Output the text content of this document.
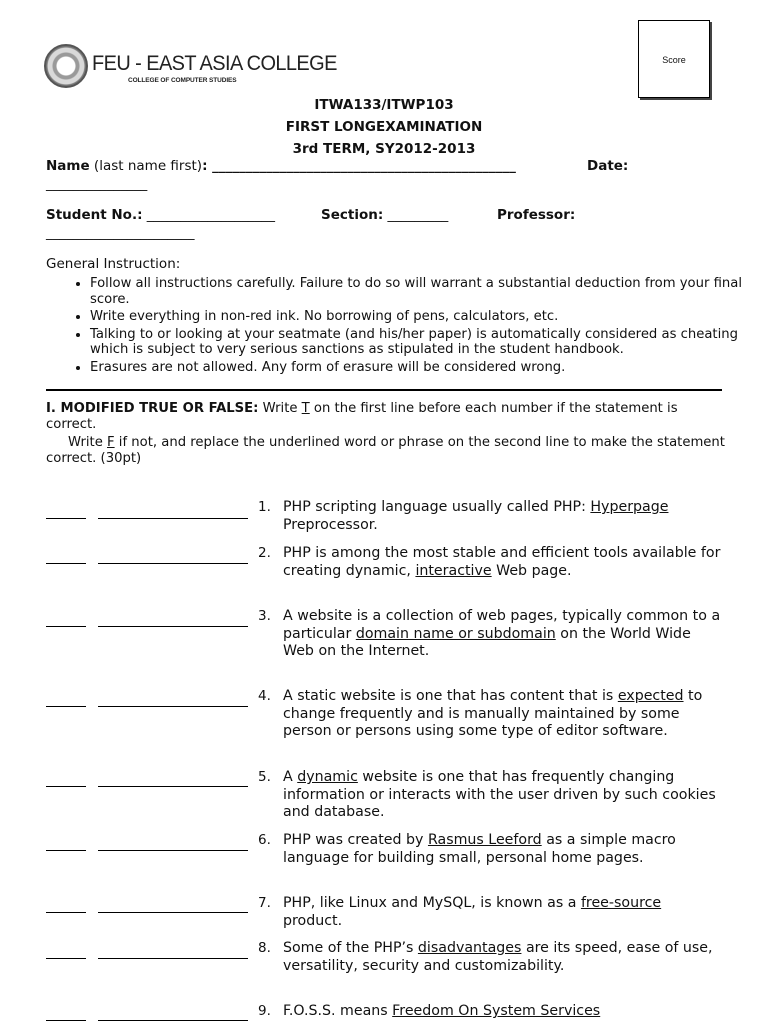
FEU - EAST ASIA COLLEGE
COLLEGE OF COMPUTER STUDIES
Score
ITWA133/ITWP103
FIRST LONGEXAMINATION
3rd TERM, SY2012-2013
Name (last name first): _____________________________________________	Date:
_______________
Student No.: ___________________	Section: _________	Professor:
______________________
General Instruction:
• Follow all instructions carefully. Failure to do so will warrant a substantial deduction from your final score.
• Write everything in non-red ink. No borrowing of pens, calculators, etc.
• Talking to or looking at your seatmate (and his/her paper) is automatically considered as cheating which is subject to very serious sanctions as stipulated in the student handbook.
• Erasures are not allowed. Any form of erasure will be considered wrong.
I. MODIFIED TRUE OR FALSE: Write T on the first line before each number if the statement is correct.
Write F if not, and replace the underlined word or phrase on the second line to make the statement correct. (30pt)
1. PHP scripting language usually called PHP: Hyperpage Preprocessor.
2. PHP is among the most stable and efficient tools available for creating dynamic, interactive Web page.
3. A website is a collection of web pages, typically common to a particular domain name or subdomain on the World Wide Web on the Internet.
4. A static website is one that has content that is expected to change frequently and is manually maintained by some person or persons using some type of editor software.
5. A dynamic website is one that has frequently changing information or interacts with the user driven by such cookies and database.
6. PHP was created by Rasmus Leeford as a simple macro language for building small, personal home pages.
7. PHP, like Linux and MySQL, is known as a free-source product.
8. Some of the PHP’s disadvantages are its speed, ease of use, versatility, security and customizability.
9. F.O.S.S. means Freedom On System Services
